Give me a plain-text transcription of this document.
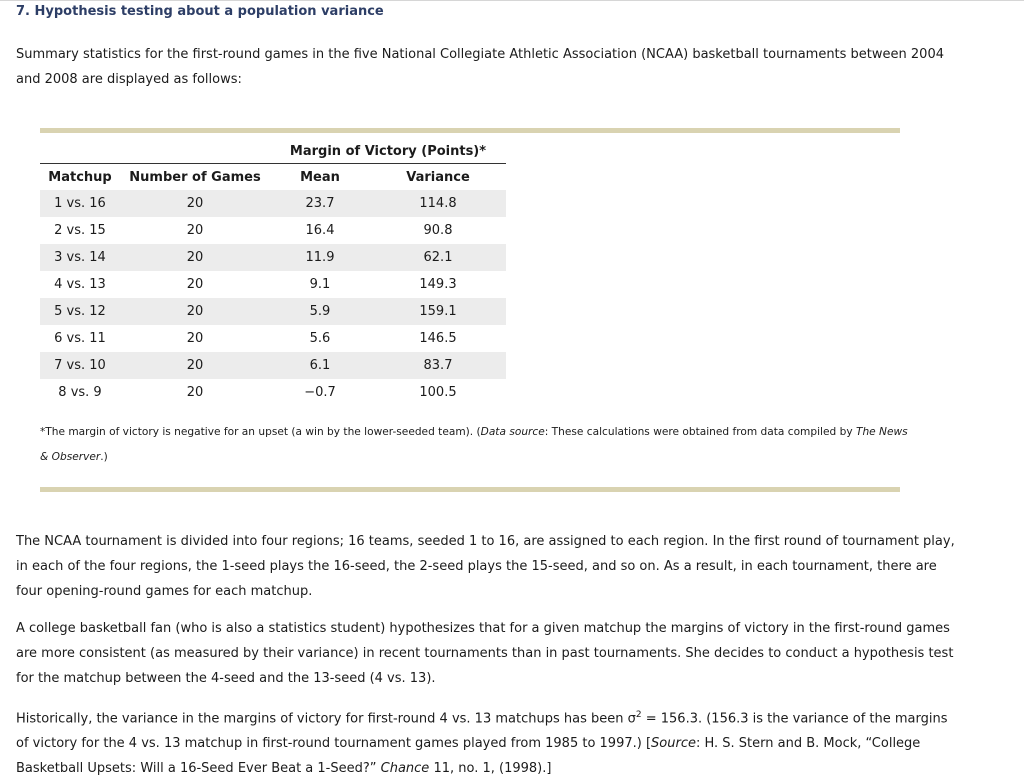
7. Hypothesis testing about a population variance
Summary statistics for the first-round games in the five National Collegiate Athletic Association (NCAA) basketball tournaments between 2004 and 2008 are displayed as follows:
		Margin of Victory (Points)*	
Matchup	Number of Games	Mean	Variance
1 vs. 16	20	23.7	114.8
2 vs. 15	20	16.4	90.8
3 vs. 14	20	11.9	62.1
4 vs. 13	20	9.1	149.3
5 vs. 12	20	5.9	159.1
6 vs. 11	20	5.6	146.5
7 vs. 10	20	6.1	83.7
8 vs. 9	20	−0.7	100.5
*The margin of victory is negative for an upset (a win by the lower-seeded team). (Data source: These calculations were obtained from data compiled by The News & Observer.)
The NCAA tournament is divided into four regions; 16 teams, seeded 1 to 16, are assigned to each region. In the first round of tournament play, in each of the four regions, the 1-seed plays the 16-seed, the 2-seed plays the 15-seed, and so on. As a result, in each tournament, there are four opening-round games for each matchup.
A college basketball fan (who is also a statistics student) hypothesizes that for a given matchup the margins of victory in the first-round games are more consistent (as measured by their variance) in recent tournaments than in past tournaments. She decides to conduct a hypothesis test for the matchup between the 4-seed and the 13-seed (4 vs. 13).
Historically, the variance in the margins of victory for first-round 4 vs. 13 matchups has been $\sigma^2 = 156.3$. (156.3 is the variance of the margins of victory for the 4 vs. 13 matchup in first-round tournament games played from 1985 to 1997.) [Source: H. S. Stern and B. Mock, “College Basketball Upsets: Will a 16-Seed Ever Beat a 1-Seed?” Chance 11, no. 1, (1998).]
